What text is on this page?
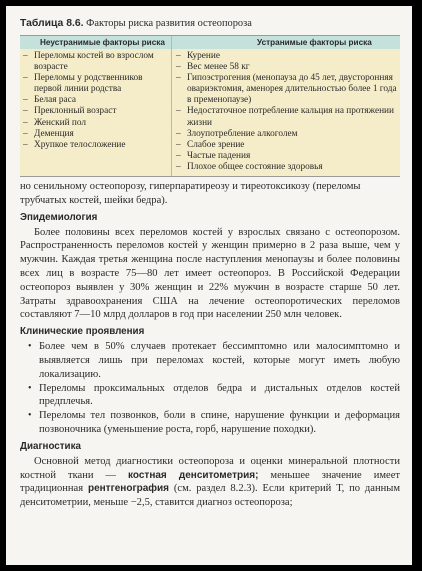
Таблица 8.6. Факторы риска развития остеопороза
Неустранимые факторы риска	Устранимые факторы риска
– Переломы костей во взрослом возрасте
– Переломы у родственников первой линии родства
– Белая раса
– Преклонный возраст
– Женский пол
– Деменция
– Хрупкое телосложение
– Курение
– Вес менее 58 кг
– Гипоэстрогения (менопауза до 45 лет, двусторонняя овариэктомия, аменорея длительностью более 1 года в пременопаузе)
– Недостаточное потребление кальция на протяжении жизни
– Злоупотребление алкоголем
– Слабое зрение
– Частые падения
– Плохое общее состояние здоровья

но сенильному остеопорозу, гиперпаратиреозу и тиреотоксикозу (переломы трубчатых костей, шейки бедра).

Эпидемиология

Более половины всех переломов костей у взрослых связано с остеопорозом. Распространенность переломов костей у женщин примерно в 2 раза выше, чем у мужчин. Каждая третья женщина после наступления менопаузы и более половины всех лиц в возрасте 75—80 лет имеет остеопороз. В Российской Федерации остеопороз выявлен у 30% женщин и 22% мужчин в возрасте старше 50 лет. Затраты здравоохранения США на лечение остеопоротических переломов составляют 7—10 млрд долларов в год при населении 250 млн человек.

Клинические проявления
• Более чем в 50% случаев протекает бессимптомно или малосимптомно и выявляется лишь при переломах костей, которые могут иметь любую локализацию.
• Переломы проксимальных отделов бедра и дистальных отделов костей предплечья.
• Переломы тел позвонков, боли в спине, нарушение функции и деформация позвоночника (уменьшение роста, горб, нарушение походки).
Диагностика

Основной метод диагностики остеопороза и оценки минеральной плотности костной ткани — костная денситометрия; меньшее значение имеет традиционная рентгенография (см. раздел 8.2.3). Если критерий Т, по данным денситометрии, меньше −2,5, ставится диагноз остеопороза;
